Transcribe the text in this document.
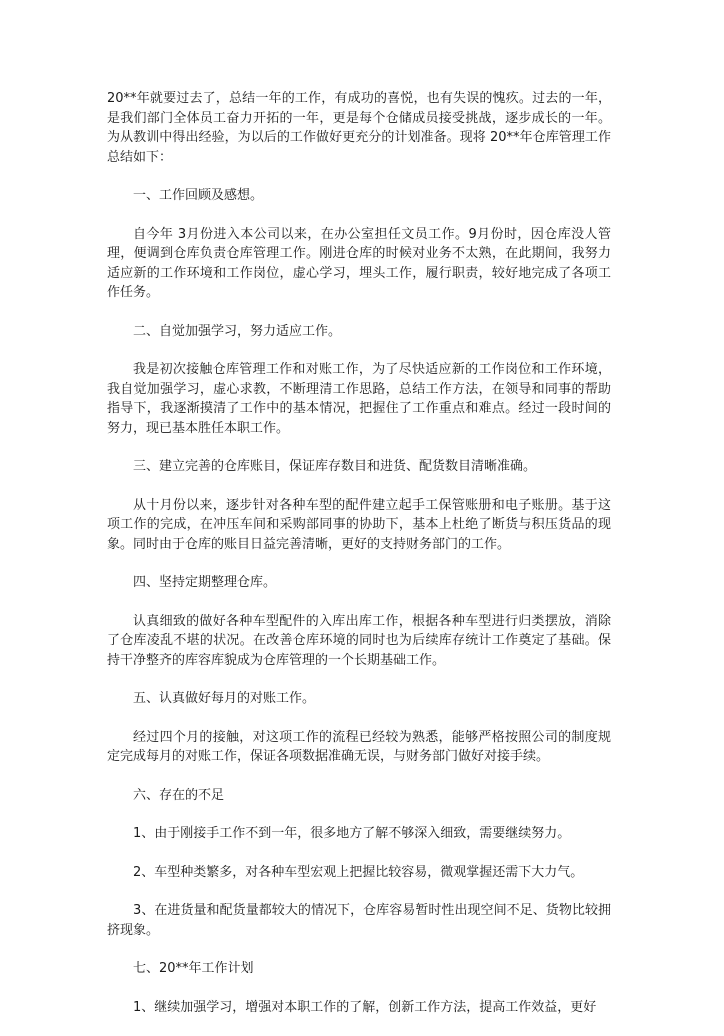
20**年就要过去了，总结一年的工作，有成功的喜悦，也有失误的愧疚。过去的一年，是我们部门全体员工奋力开拓的一年，更是每个仓储成员接受挑战，逐步成长的一年。为从教训中得出经验，为以后的工作做好更充分的计划准备。现将 20**年仓库管理工作总结如下：

一、工作回顾及感想。

自今年 3月份进入本公司以来，在办公室担任文员工作。9月份时，因仓库没人管理，便调到仓库负责仓库管理工作。刚进仓库的时候对业务不太熟，在此期间，我努力适应新的工作环境和工作岗位，虚心学习，埋头工作，履行职责，较好地完成了各项工作任务。

二、自觉加强学习，努力适应工作。

我是初次接触仓库管理工作和对账工作，为了尽快适应新的工作岗位和工作环境，我自觉加强学习，虚心求教，不断理清工作思路，总结工作方法，在领导和同事的帮助指导下，我逐渐摸清了工作中的基本情况，把握住了工作重点和难点。经过一段时间的努力，现已基本胜任本职工作。

三、建立完善的仓库账目，保证库存数目和进货、配货数目清晰准确。

从十月份以来，逐步针对各种车型的配件建立起手工保管账册和电子账册。基于这项工作的完成，在冲压车间和采购部同事的协助下，基本上杜绝了断货与积压货品的现象。同时由于仓库的账目日益完善清晰，更好的支持财务部门的工作。

四、坚持定期整理仓库。

认真细致的做好各种车型配件的入库出库工作，根据各种车型进行归类摆放，消除了仓库凌乱不堪的状况。在改善仓库环境的同时也为后续库存统计工作奠定了基础。保持干净整齐的库容库貌成为仓库管理的一个长期基础工作。

五、认真做好每月的对账工作。

经过四个月的接触，对这项工作的流程已经较为熟悉，能够严格按照公司的制度规定完成每月的对账工作，保证各项数据准确无误，与财务部门做好对接手续。

六、存在的不足

1、由于刚接手工作不到一年，很多地方了解不够深入细致，需要继续努力。

2、车型种类繁多，对各种车型宏观上把握比较容易，微观掌握还需下大力气。

3、在进货量和配货量都较大的情况下，仓库容易暂时性出现空间不足、货物比较拥挤现象。

七、20**年工作计划

1、继续加强学习，增强对本职工作的了解，创新工作方法，提高工作效益，更好
